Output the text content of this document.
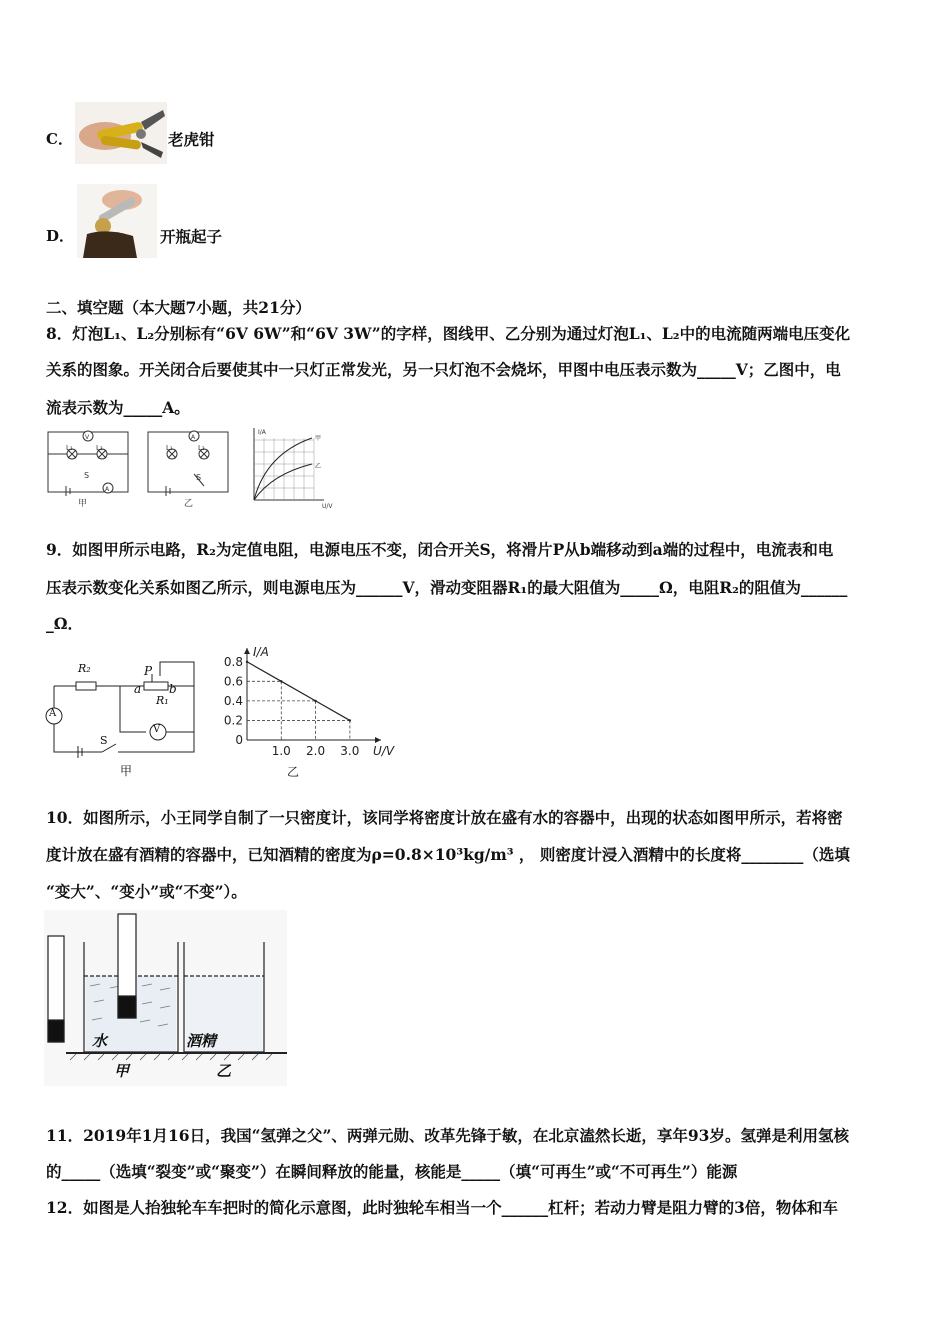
C．	老虎钳
D．	开瓶起子
二、填空题（本大题7小题，共21分）
8．灯泡L₁、L₂分别标有“6V 6W”和“6V 3W”的字样，图线甲、乙分别为通过灯泡L₁、L₂中的电流随两端电压变化
关系的图象。开关闭合后要使其中一只灯正常发光，另一只灯泡不会烧坏，甲图中电压表示数为_____V；乙图中，电
流表示数为_____A。
L₁	L₂
V
A
S
甲
L₁	L₂
A
S
乙
I/A
U/V
甲
乙
9．如图甲所示电路，R₂为定值电阻，电源电压不变，闭合开关S，将滑片P从b端移动到a端的过程中，电流表和电
压表示数变化关系如图乙所示，则电源电压为______V，滑动变阻器R₁的最大阻值为_____Ω，电阻R₂的阻值为______
_Ω．
R₂
R₁
P
a b
A
V
S
甲
0
0.2
0.4
0.6
0.8
1.0 2.0 3.0
I/A
U/V
乙
10．如图所示，小王同学自制了一只密度计，该同学将密度计放在盛有水的容器中，出现的状态如图甲所示，若将密
度计放在盛有酒精的容器中，已知酒精的密度为ρ=0.8×10³kg/m³ ， 则密度计浸入酒精中的长度将________（选填
“变大”、“变小”或“不变”）。
水	酒精
甲	乙
11．2019年1月16日，我国“氢弹之父”、两弹元勋、改革先锋于敏，在北京溘然长逝，享年93岁。氢弹是利用氢核
的_____（选填“裂变”或“聚变”）在瞬间释放的能量，核能是_____（填“可再生”或“不可再生”）能源
12．如图是人抬独轮车车把时的简化示意图，此时独轮车相当一个______杠杆；若动力臂是阻力臂的3倍，物体和车
